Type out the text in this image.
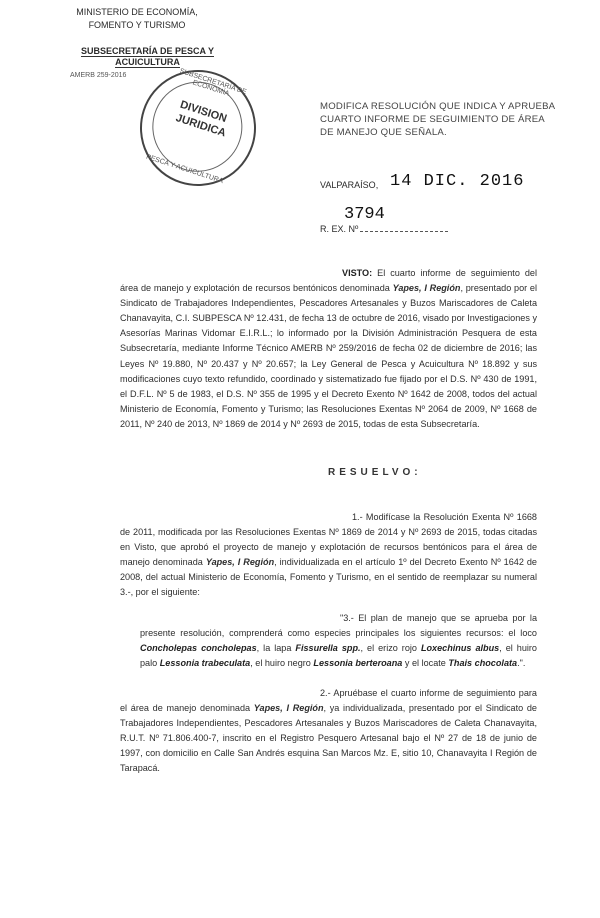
MINISTERIO DE ECONOMÍA,
FOMENTO Y TURISMO
SUBSECRETARÍA DE PESCA Y ACUICULTURA
AMERB 259-2016	SUBSECRETARÍA DE ECONOMÍA
PESCA Y ACUICULTURA
DIVISION JURIDICA
MODIFICA RESOLUCIÓN QUE INDICA Y APRUEBA CUARTO INFORME DE SEGUIMIENTO DE ÁREA DE MANEJO QUE SEÑALA.
VALPARAÍSO, 14 DIC. 2016
3794
R. EX. Nº
VISTO: El cuarto informe de seguimiento del área de manejo y explotación de recursos bentónicos denominada Yapes, I Región, presentado por el Sindicato de Trabajadores Independientes, Pescadores Artesanales y Buzos Mariscadores de Caleta Chanavayita, C.I. SUBPESCA Nº 12.431, de fecha 13 de octubre de 2016, visado por Investigaciones y Asesorías Marinas Vidomar E.I.R.L.; lo informado por la División Administración Pesquera de esta Subsecretaría, mediante Informe Técnico AMERB Nº 259/2016 de fecha 02 de diciembre de 2016; las Leyes Nº 19.880, Nº 20.437 y Nº 20.657; la Ley General de Pesca y Acuicultura Nº 18.892 y sus modificaciones cuyo texto refundido, coordinado y sistematizado fue fijado por el D.S. Nº 430 de 1991, el D.F.L. Nº 5 de 1983, el D.S. Nº 355 de 1995 y el Decreto Exento Nº 1642 de 2008, todos del actual Ministerio de Economía, Fomento y Turismo; las Resoluciones Exentas Nº 2064 de 2009, Nº 1668 de 2011, Nº 240 de 2013, Nº 1869 de 2014 y Nº 2693 de 2015, todas de esta Subsecretaría.
RESUELVO:
1.- Modifícase la Resolución Exenta Nº 1668 de 2011, modificada por las Resoluciones Exentas Nº 1869 de 2014 y Nº 2693 de 2015, todas citadas en Visto, que aprobó el proyecto de manejo y explotación de recursos bentónicos para el área de manejo denominada Yapes, I Región, individualizada en el artículo 1º del Decreto Exento Nº 1642 de 2008, del actual Ministerio de Economía, Fomento y Turismo, en el sentido de reemplazar su numeral 3.-, por el siguiente:
"3.- El plan de manejo que se aprueba por la presente resolución, comprenderá como especies principales los siguientes recursos: el loco Concholepas concholepas, la lapa Fissurella spp., el erizo rojo Loxechinus albus, el huiro palo Lessonia trabeculata, el huiro negro Lessonia berteroana y el locate Thais chocolata.".
2.- Apruébase el cuarto informe de seguimiento para el área de manejo denominada Yapes, I Región, ya individualizada, presentado por el Sindicato de Trabajadores Independientes, Pescadores Artesanales y Buzos Mariscadores de Caleta Chanavayita, R.U.T. Nº 71.806.400-7, inscrito en el Registro Pesquero Artesanal bajo el Nº 27 de 18 de junio de 1997, con domicilio en Calle San Andrés esquina San Marcos Mz. E, sitio 10, Chanavayita I Región de Tarapacá.
